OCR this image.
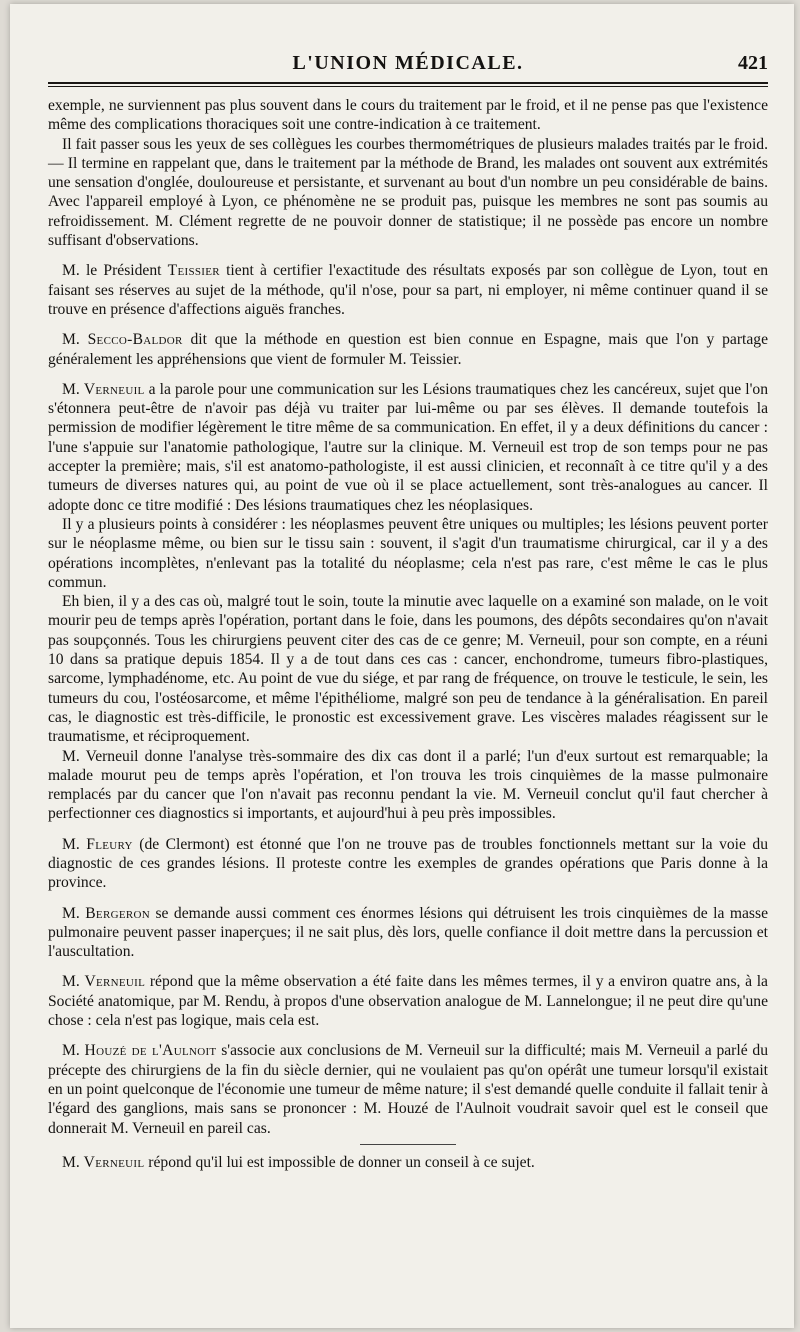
L'UNION MÉDICALE.	421

exemple, ne surviennent pas plus souvent dans le cours du traitement par le froid, et il ne pense pas que l'existence même des complications thoraciques soit une contre-indication à ce traitement.

Il fait passer sous les yeux de ses collègues les courbes thermométriques de plusieurs malades traités par le froid. — Il termine en rappelant que, dans le traitement par la méthode de Brand, les malades ont souvent aux extrémités une sensation d'onglée, douloureuse et persistante, et survenant au bout d'un nombre un peu considérable de bains. Avec l'appareil employé à Lyon, ce phénomène ne se produit pas, puisque les membres ne sont pas soumis au refroidissement. M. Clément regrette de ne pouvoir donner de statistique; il ne possède pas encore un nombre suffisant d'observations.

M. le Président Teissier tient à certifier l'exactitude des résultats exposés par son collègue de Lyon, tout en faisant ses réserves au sujet de la méthode, qu'il n'ose, pour sa part, ni employer, ni même continuer quand il se trouve en présence d'affections aiguës franches.

M. Secco-Baldor dit que la méthode en question est bien connue en Espagne, mais que l'on y partage généralement les appréhensions que vient de formuler M. Teissier.

M. Verneuil a la parole pour une communication sur les Lésions traumatiques chez les cancéreux, sujet que l'on s'étonnera peut-être de n'avoir pas déjà vu traiter par lui-même ou par ses élèves. Il demande toutefois la permission de modifier légèrement le titre même de sa communication. En effet, il y a deux définitions du cancer : l'une s'appuie sur l'anatomie pathologique, l'autre sur la clinique. M. Verneuil est trop de son temps pour ne pas accepter la première; mais, s'il est anatomo-pathologiste, il est aussi clinicien, et reconnaît à ce titre qu'il y a des tumeurs de diverses natures qui, au point de vue où il se place actuellement, sont très-analogues au cancer. Il adopte donc ce titre modifié : Des lésions traumatiques chez les néoplasiques.

Il y a plusieurs points à considérer : les néoplasmes peuvent être uniques ou multiples; les lésions peuvent porter sur le néoplasme même, ou bien sur le tissu sain : souvent, il s'agit d'un traumatisme chirurgical, car il y a des opérations incomplètes, n'enlevant pas la totalité du néoplasme; cela n'est pas rare, c'est même le cas le plus commun.

Eh bien, il y a des cas où, malgré tout le soin, toute la minutie avec laquelle on a examiné son malade, on le voit mourir peu de temps après l'opération, portant dans le foie, dans les poumons, des dépôts secondaires qu'on n'avait pas soupçonnés. Tous les chirurgiens peuvent citer des cas de ce genre; M. Verneuil, pour son compte, en a réuni 10 dans sa pratique depuis 1854. Il y a de tout dans ces cas : cancer, enchondrome, tumeurs fibro-plastiques, sarcome, lymphadénome, etc. Au point de vue du siége, et par rang de fréquence, on trouve le testicule, le sein, les tumeurs du cou, l'ostéosarcome, et même l'épithéliome, malgré son peu de tendance à la généralisation. En pareil cas, le diagnostic est très-difficile, le pronostic est excessivement grave. Les viscères malades réagissent sur le traumatisme, et réciproquement.

M. Verneuil donne l'analyse très-sommaire des dix cas dont il a parlé; l'un d'eux surtout est remarquable; la malade mourut peu de temps après l'opération, et l'on trouva les trois cinquièmes de la masse pulmonaire remplacés par du cancer que l'on n'avait pas reconnu pendant la vie. M. Verneuil conclut qu'il faut chercher à perfectionner ces diagnostics si importants, et aujourd'hui à peu près impossibles.

M. Fleury (de Clermont) est étonné que l'on ne trouve pas de troubles fonctionnels mettant sur la voie du diagnostic de ces grandes lésions. Il proteste contre les exemples de grandes opérations que Paris donne à la province.

M. Bergeron se demande aussi comment ces énormes lésions qui détruisent les trois cinquièmes de la masse pulmonaire peuvent passer inaperçues; il ne sait plus, dès lors, quelle confiance il doit mettre dans la percussion et l'auscultation.

M. Verneuil répond que la même observation a été faite dans les mêmes termes, il y a environ quatre ans, à la Société anatomique, par M. Rendu, à propos d'une observation analogue de M. Lannelongue; il ne peut dire qu'une chose : cela n'est pas logique, mais cela est.

M. Houzé de l'Aulnoit s'associe aux conclusions de M. Verneuil sur la difficulté; mais M. Verneuil a parlé du précepte des chirurgiens de la fin du siècle dernier, qui ne voulaient pas qu'on opérât une tumeur lorsqu'il existait en un point quelconque de l'économie une tumeur de même nature; il s'est demandé quelle conduite il fallait tenir à l'égard des ganglions, mais sans se prononcer : M. Houzé de l'Aulnoit voudrait savoir quel est le conseil que donnerait M. Verneuil en pareil cas.

M. Verneuil répond qu'il lui est impossible de donner un conseil à ce sujet.
